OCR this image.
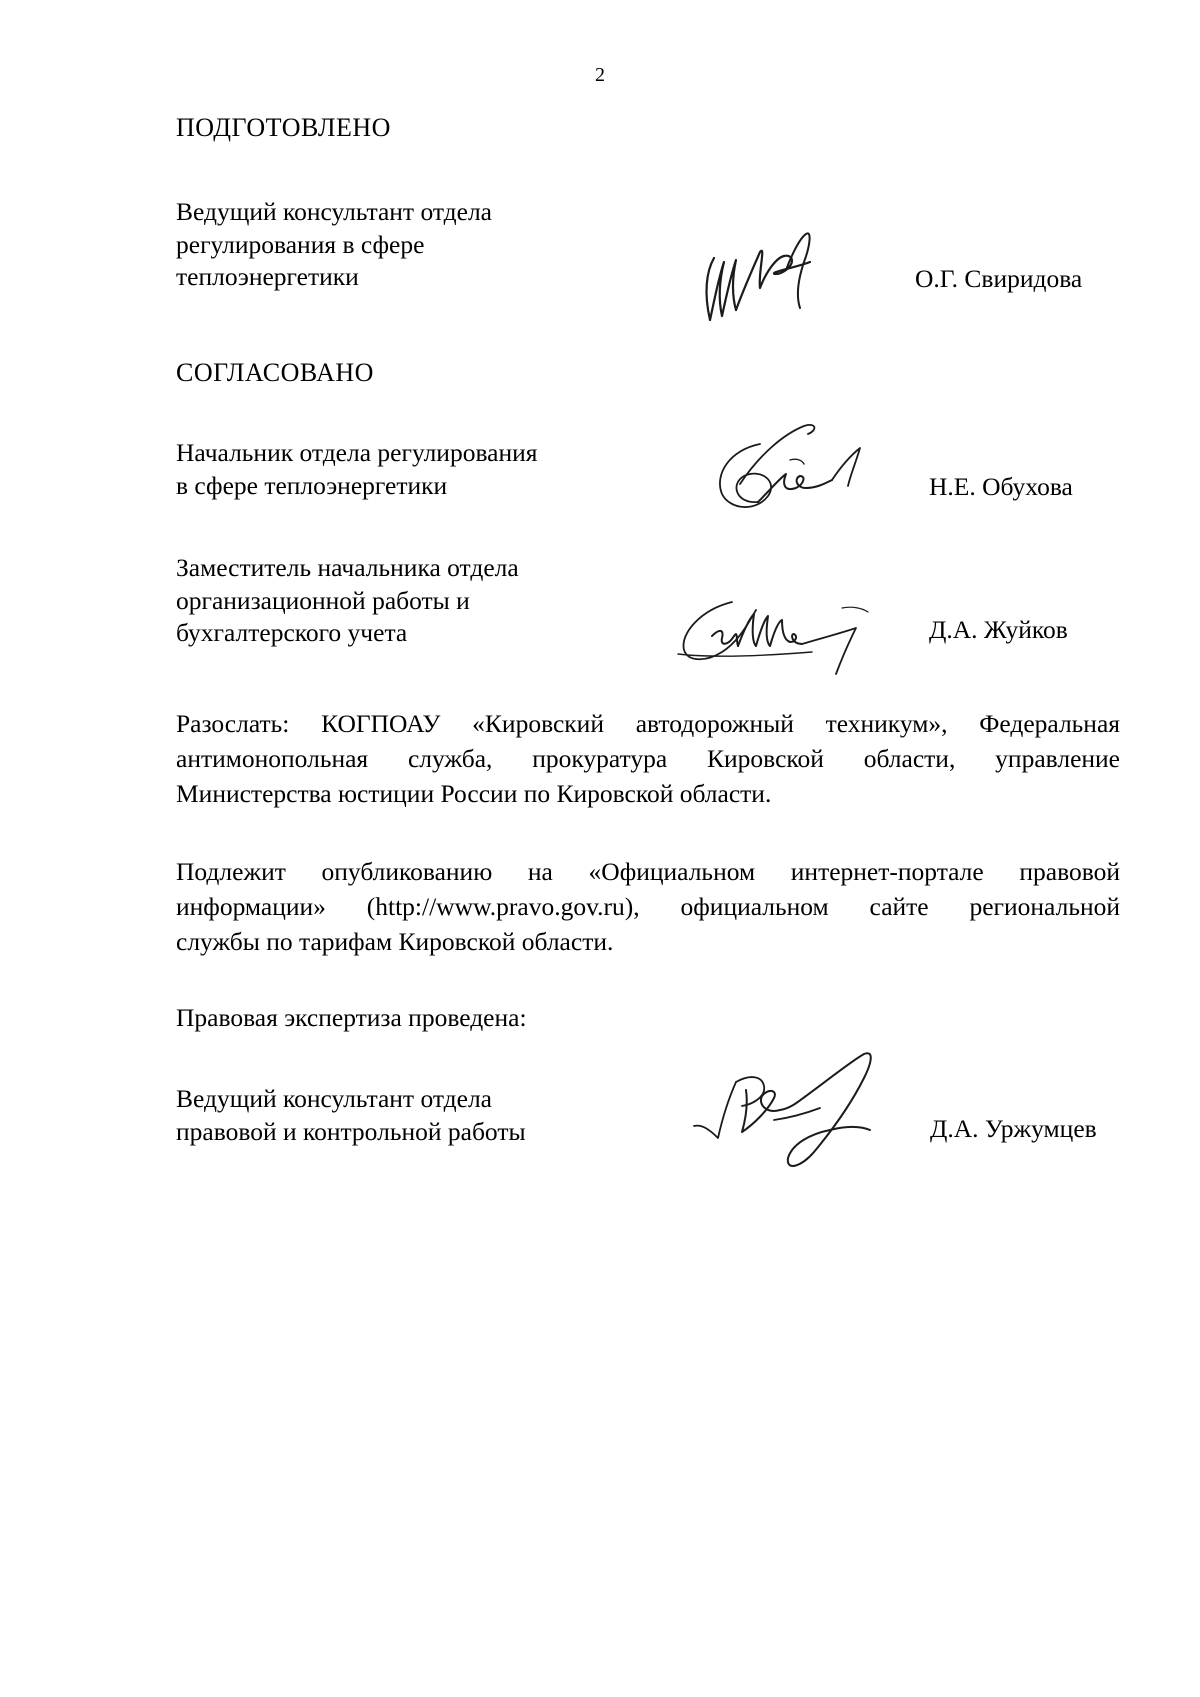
2
ПОДГОТОВЛЕНО
Ведущий консультант отдела
регулирования в сфере
теплоэнергетики	О.Г. Свиридова
СОГЛАСОВАНО
Начальник отдела регулирования
в сфере теплоэнергетики	Н.Е. Обухова
Заместитель начальника отдела
организационной работы и
бухгалтерского учета	Д.А. Жуйков
Разослать: КОГПОАУ «Кировский автодорожный техникум», Федеральная
антимонопольная служба, прокуратура Кировской области, управление
Министерства юстиции России по Кировской области.
Подлежит опубликованию на «Официальном интернет-портале правовой
информации» (http://www.pravo.gov.ru), официальном сайте региональной
службы по тарифам Кировской области.
Правовая экспертиза проведена:
Ведущий консультант отдела
правовой и контрольной работы	Д.А. Уржумцев
